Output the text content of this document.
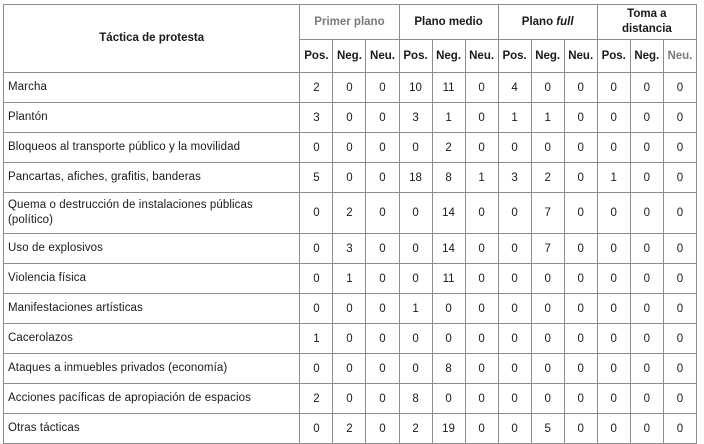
Táctica de protesta	Primer plano			Plano medio			Plano full			Toma a
distancia		
	Pos.	Neg.	Neu.	Pos.	Neg.	Neu.	Pos.	Neg.	Neu.	Pos.	Neg.	Neu.
Marcha	2	0	0	10	11	0	4	0	0	0	0	0
Plantón	3	0	0	3	1	0	1	1	0	0	0	0
Bloqueos al transporte público y la movilidad	0	0	0	0	2	0	0	0	0	0	0	0
Pancartas, afiches, grafitis, banderas	5	0	0	18	8	1	3	2	0	1	0	0
Quema o destrucción de instalaciones públicas (político)	0	2	0	0	14	0	0	7	0	0	0	0
Uso de explosivos	0	3	0	0	14	0	0	7	0	0	0	0
Violencia física	0	1	0	0	11	0	0	0	0	0	0	0
Manifestaciones artísticas	0	0	0	1	0	0	0	0	0	0	0	0
Cacerolazos	1	0	0	0	0	0	0	0	0	0	0	0
Ataques a inmuebles privados (economía)	0	0	0	0	8	0	0	0	0	0	0	0
Acciones pacíficas de apropiación de espacios	2	0	0	8	0	0	0	0	0	0	0	0
Otras tácticas	0	2	0	2	19	0	0	5	0	0	0	0
